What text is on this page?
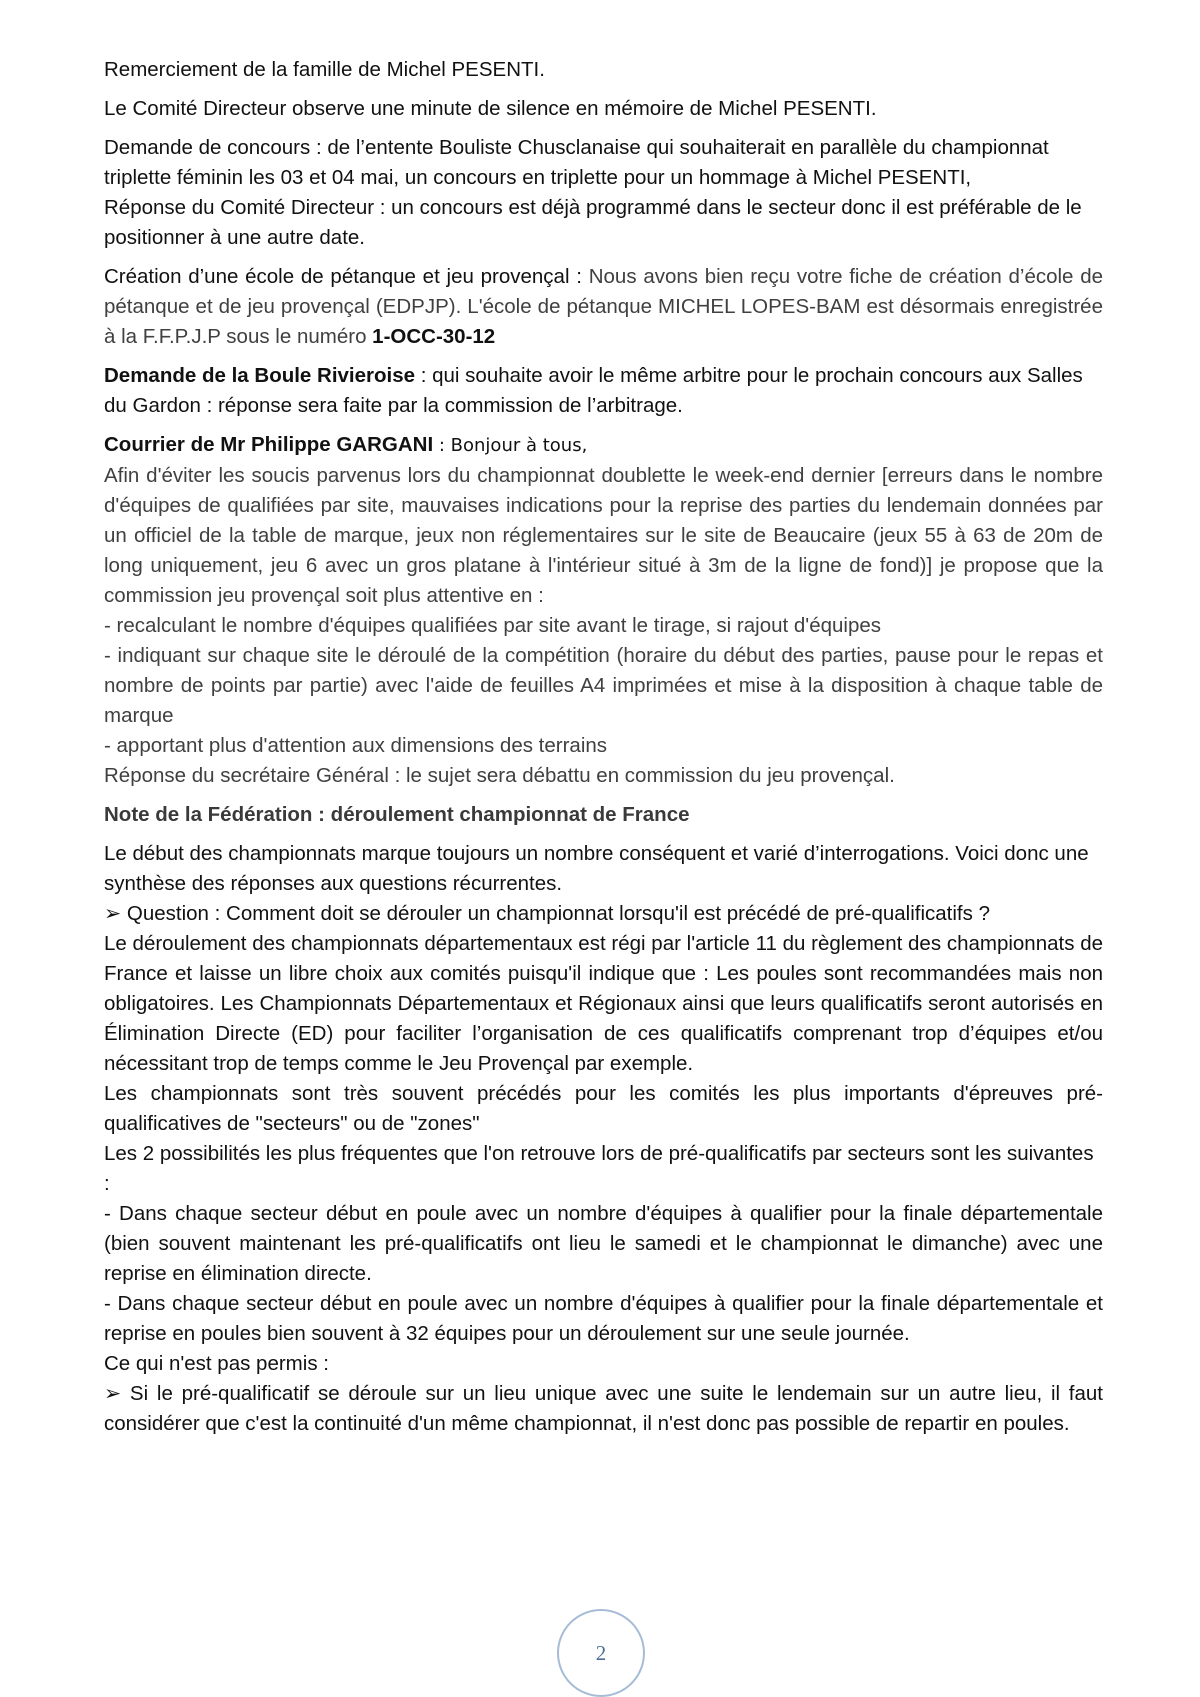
Remerciement de la famille de Michel PESENTI.

Le Comité Directeur observe une minute de silence en mémoire de Michel PESENTI.

Demande de concours : de l’entente Bouliste Chusclanaise qui souhaiterait en parallèle du championnat triplette féminin les 03 et 04 mai, un concours en triplette pour un hommage à Michel PESENTI,
Réponse du Comité Directeur : un concours est déjà programmé dans le secteur donc il est préférable de le positionner à une autre date.
Création d’une école de pétanque et jeu provençal : Nous avons bien reçu votre fiche de création d’école de pétanque et de jeu provençal (EDPJP). L'école de pétanque MICHEL LOPES-BAM est désormais enregistrée à la F.F.P.J.P sous le numéro 1-OCC-30-12
Demande de la Boule Rivieroise : qui souhaite avoir le même arbitre pour le prochain concours aux Salles du Gardon : réponse sera faite par la commission de l’arbitrage.
Courrier de Mr Philippe GARGANI : Bonjour à tous,
Afin d'éviter les soucis parvenus lors du championnat doublette le week-end dernier [erreurs dans le nombre d'équipes de qualifiées par site, mauvaises indications pour la reprise des parties du lendemain données par un officiel de la table de marque, jeux non réglementaires sur le site de Beaucaire (jeux 55 à 63 de 20m de long uniquement, jeu 6 avec un gros platane à l'intérieur situé à 3m de la ligne de fond)] je propose que la commission jeu provençal soit plus attentive en :
- recalculant le nombre d'équipes qualifiées par site avant le tirage, si rajout d'équipes
- indiquant sur chaque site le déroulé de la compétition (horaire du début des parties, pause pour le repas et nombre de points par partie) avec l'aide de feuilles A4 imprimées et mise à la disposition à chaque table de marque
- apportant plus d'attention aux dimensions des terrains
Réponse du secrétaire Général : le sujet sera débattu en commission du jeu provençal.

Note de la Fédération : déroulement championnat de France

Le début des championnats marque toujours un nombre conséquent et varié d’interrogations. Voici donc une synthèse des réponses aux questions récurrentes.
➢ Question : Comment doit se dérouler un championnat lorsqu'il est précédé de pré-qualificatifs ?
Le déroulement des championnats départementaux est régi par l'article 11 du règlement des championnats de France et laisse un libre choix aux comités puisqu'il indique que : Les poules sont recommandées mais non obligatoires. Les Championnats Départementaux et Régionaux ainsi que leurs qualificatifs seront autorisés en Élimination Directe (ED) pour faciliter l’organisation de ces qualificatifs comprenant trop d’équipes et/ou nécessitant trop de temps comme le Jeu Provençal par exemple.
Les championnats sont très souvent précédés pour les comités les plus importants d'épreuves pré-qualificatives de "secteurs" ou de "zones"
Les 2 possibilités les plus fréquentes que l'on retrouve lors de pré-qualificatifs par secteurs sont les suivantes :
- Dans chaque secteur début en poule avec un nombre d'équipes à qualifier pour la finale départementale (bien souvent maintenant les pré-qualificatifs ont lieu le samedi et le championnat le dimanche) avec une reprise en élimination directe.
- Dans chaque secteur début en poule avec un nombre d'équipes à qualifier pour la finale départementale et reprise en poules bien souvent à 32 équipes pour un déroulement sur une seule journée.
Ce qui n'est pas permis :
➢ Si le pré-qualificatif se déroule sur un lieu unique avec une suite le lendemain sur un autre lieu, il faut considérer que c'est la continuité d'un même championnat, il n'est donc pas possible de repartir en poules.
2
